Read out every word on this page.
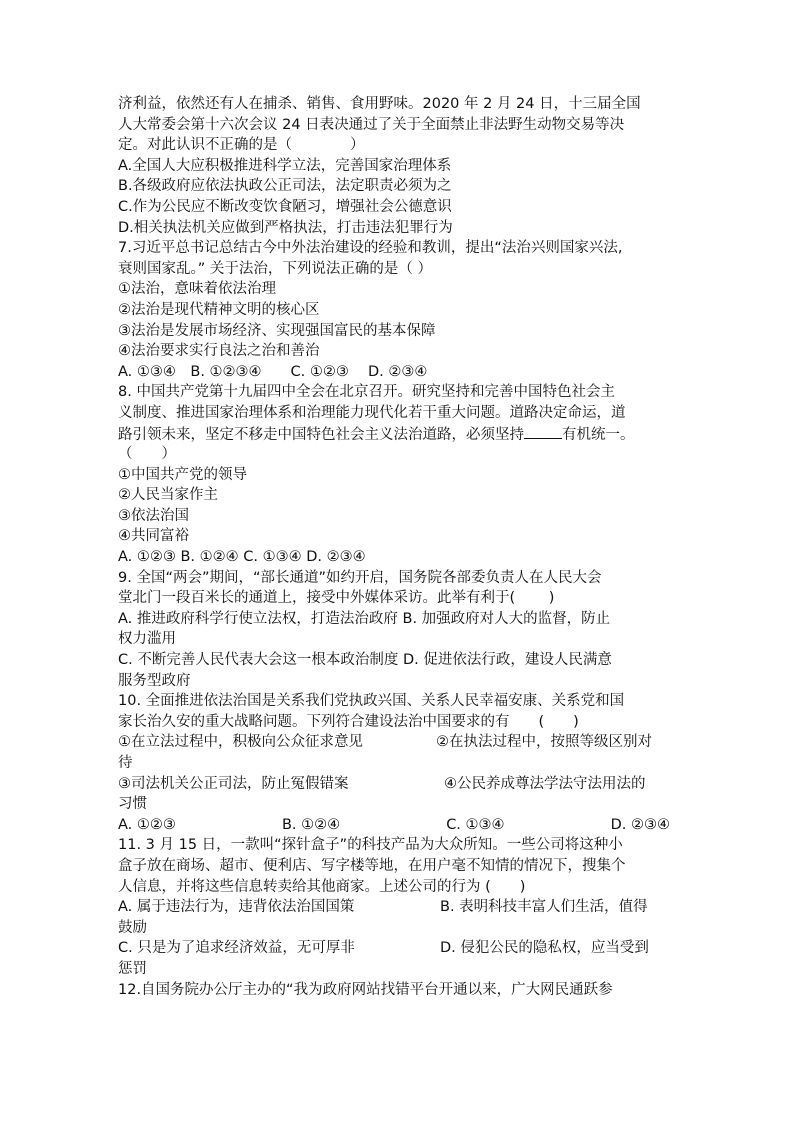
济利益，依然还有人在捕杀、销售、食用野味。2020 年 2 月 24 日，十三届全国
人大常委会第十六次会议 24 日表决通过了关于全面禁止非法野生动物交易等决
定。对此认识不正确的是（　　　　）
A.全国人大应积极推进科学立法，完善国家治理体系
B.各级政府应依法执政公正司法，法定职责必须为之
C.作为公民应不断改变饮食陋习，增强社会公德意识
D.相关执法机关应做到严格执法，打击违法犯罪行为
7.习近平总书记总结古今中外法治建设的经验和教训，提出“法治兴则国家兴法,
衰则国家乱。” 关于法治，下列说法正确的是（ ）
①法治，意味着依法治理
②法治是现代精神文明的核心区
③法治是发展市场经济、实现强国富民的基本保障
④法治要求实行良法之治和善治
A. ①③④　B. ①②③④　　C. ①②③　 D. ②③④
8. 中国共产党第十九届四中全会在北京召开。研究坚持和完善中国特色社会主
义制度、推进国家治理体系和治理能力现代化若干重大问题。道路决定命运，道
路引领未来，坚定不移走中国特色社会主义法治道路，必须坚持	有机统一。
（　　）
①中国共产党的领导
②人民当家作主
③依法治国
④共同富裕
A. ①②③ B. ①②④ C. ①③④ D. ②③④
9. 全国“两会”期间，“部长通道”如约开启，国务院各部委负责人在人民大会
堂北门一段百米长的通道上，接受中外媒体采访。此举有利于(　　 )
A. 推进政府科学行使立法权，打造法治政府 B. 加强政府对人大的监督，防止
权力滥用
C. 不断完善人民代表大会这一根本政治制度 D. 促进依法行政，建设人民满意
服务型政府
10. 全面推进依法治国是关系我们党执政兴国、关系人民幸福安康、关系党和国
家长治久安的重大战略问题。下列符合建设法治中国要求的有　　(　　)
①在立法过程中，积极向公众征求意见	②在执法过程中，按照等级区别对
待
③司法机关公正司法，防止冤假错案	④公民养成尊法学法守法用法的
习惯
A. ①②③	B. ①②④	C. ①③④	D. ②③④
11. 3 月 15 日，一款叫“探针盒子”的科技产品为大众所知。一些公司将这种小
盒子放在商场、超市、便利店、写字楼等地，在用户毫不知情的情况下，搜集个
人信息，并将这些信息转卖给其他商家。上述公司的行为 (　　)
A. 属于违法行为，违背依法治国国策	B. 表明科技丰富人们生活，值得
鼓励
C. 只是为了追求经济效益，无可厚非	D. 侵犯公民的隐私权，应当受到
惩罚
12.自国务院办公厅主办的“我为政府网站找错平台开通以来，广大网民通跃参
